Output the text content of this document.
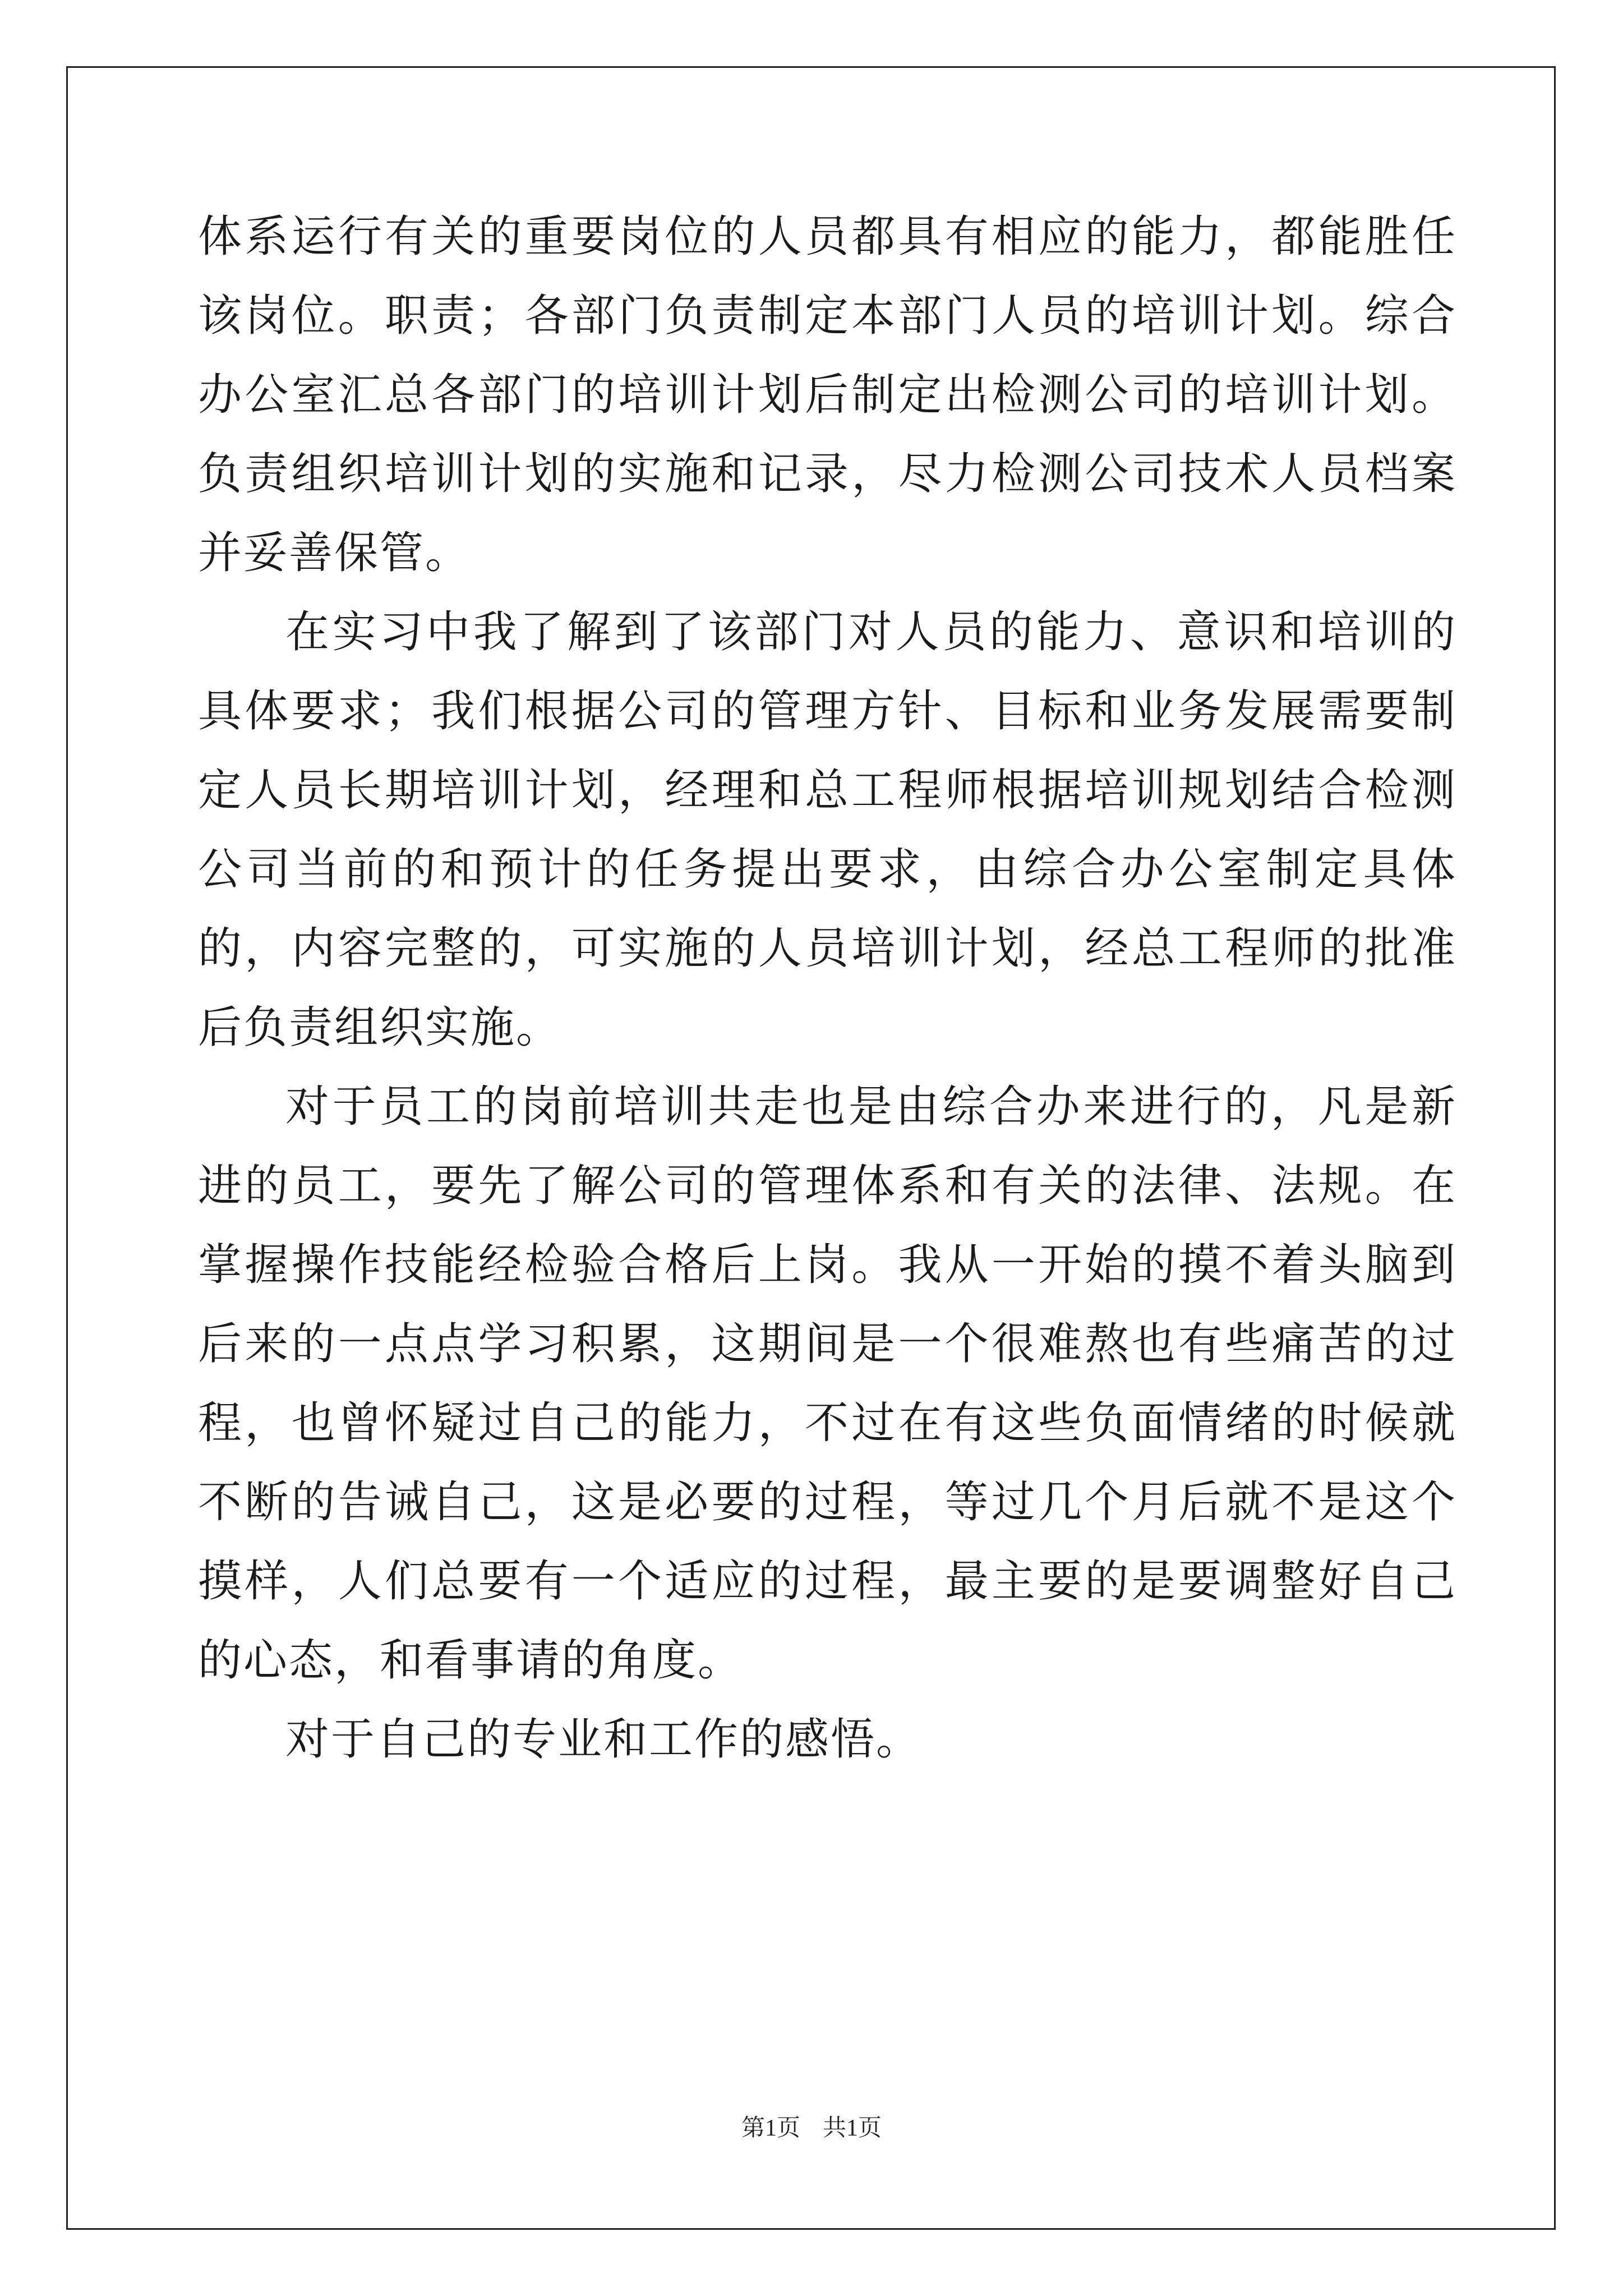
体系运行有关的重要岗位的人员都具有相应的能力，都能胜任该岗位。职责；各部门负责制定本部门人员的培训计划。综合办公室汇总各部门的培训计划后制定出检测公司的培训计划。负责组织培训计划的实施和记录，尽力检测公司技术人员档案并妥善保管。

在实习中我了解到了该部门对人员的能力、意识和培训的具体要求；我们根据公司的管理方针、目标和业务发展需要制定人员长期培训计划，经理和总工程师根据培训规划结合检测公司当前的和预计的任务提出要求，由综合办公室制定具体的，内容完整的，可实施的人员培训计划，经总工程师的批准后负责组织实施。

对于员工的岗前培训共走也是由综合办来进行的，凡是新进的员工，要先了解公司的管理体系和有关的法律、法规。在掌握操作技能经检验合格后上岗。我从一开始的摸不着头脑到后来的一点点学习积累，这期间是一个很难熬也有些痛苦的过程，也曾怀疑过自己的能力，不过在有这些负面情绪的时候就不断的告诫自己，这是必要的过程，等过几个月后就不是这个摸样，人们总要有一个适应的过程，最主要的是要调整好自己的心态，和看事请的角度。

对于自己的专业和工作的感悟。

第1页 共1页
